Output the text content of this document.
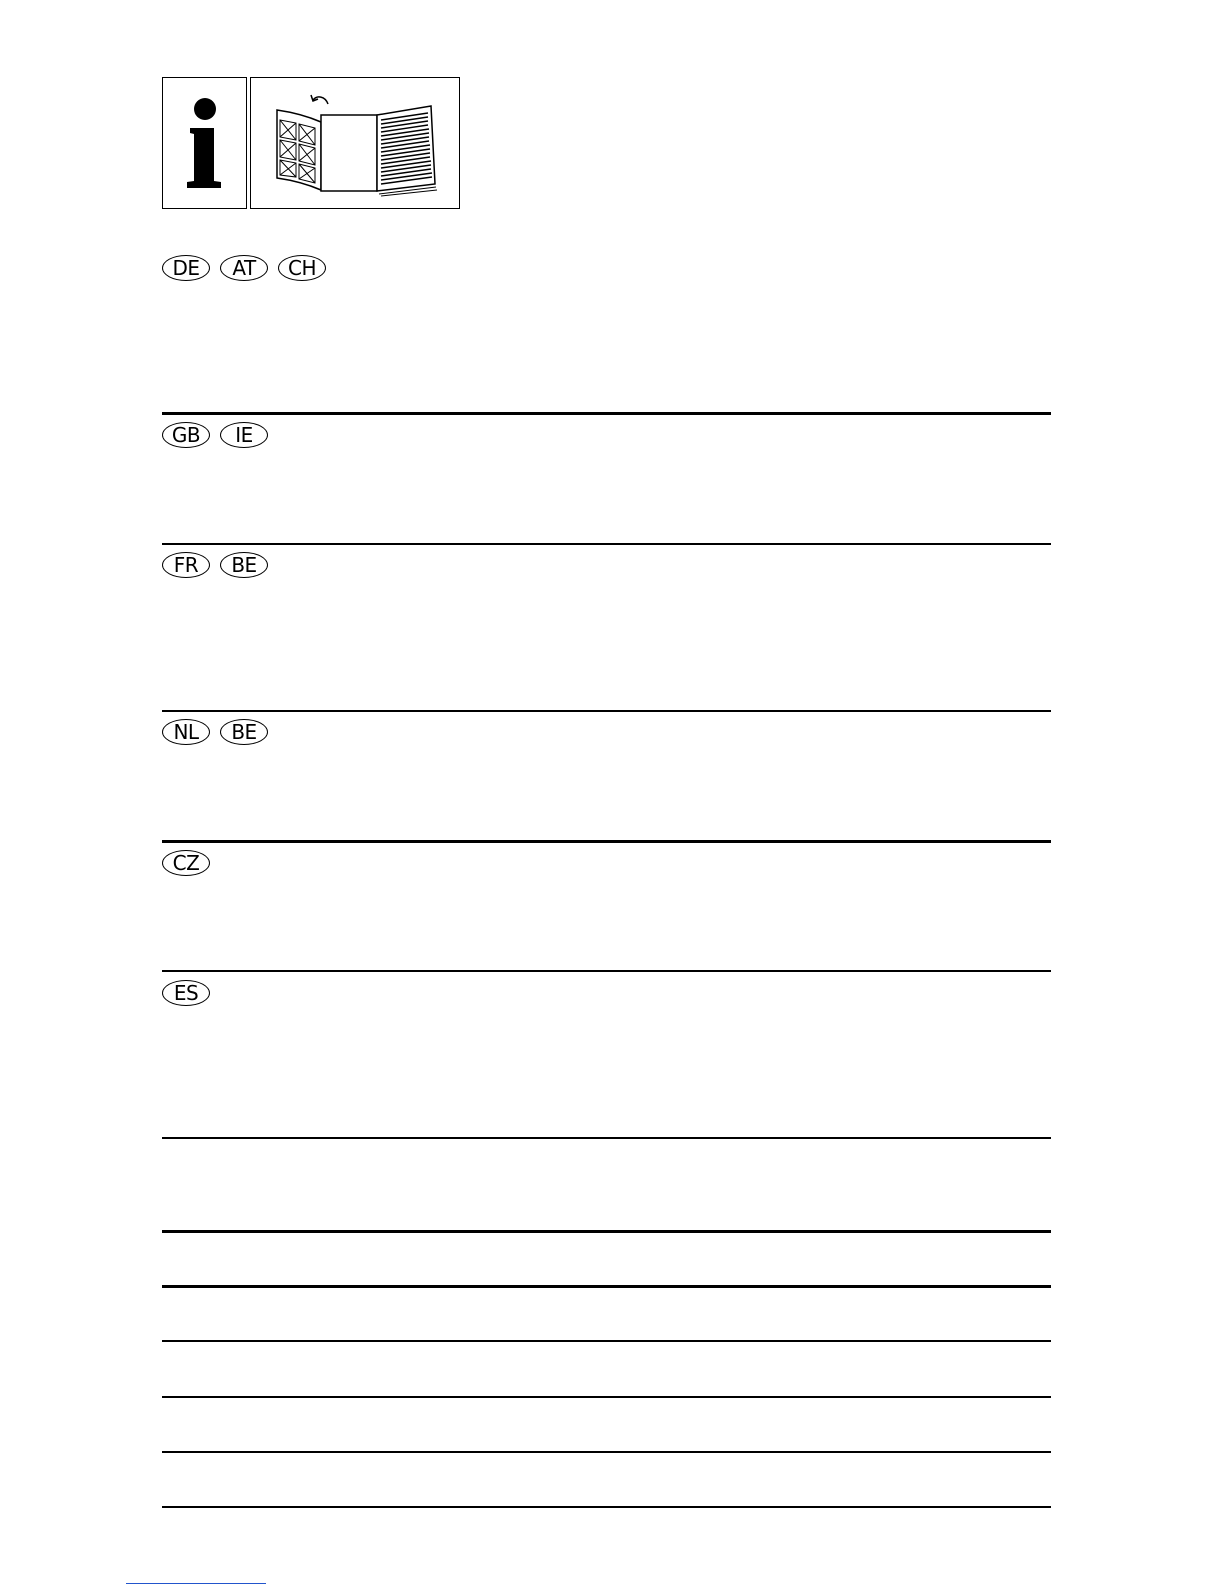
DE	AT	CH
GB	IE
FR	BE
NL	BE
CZ
ES
